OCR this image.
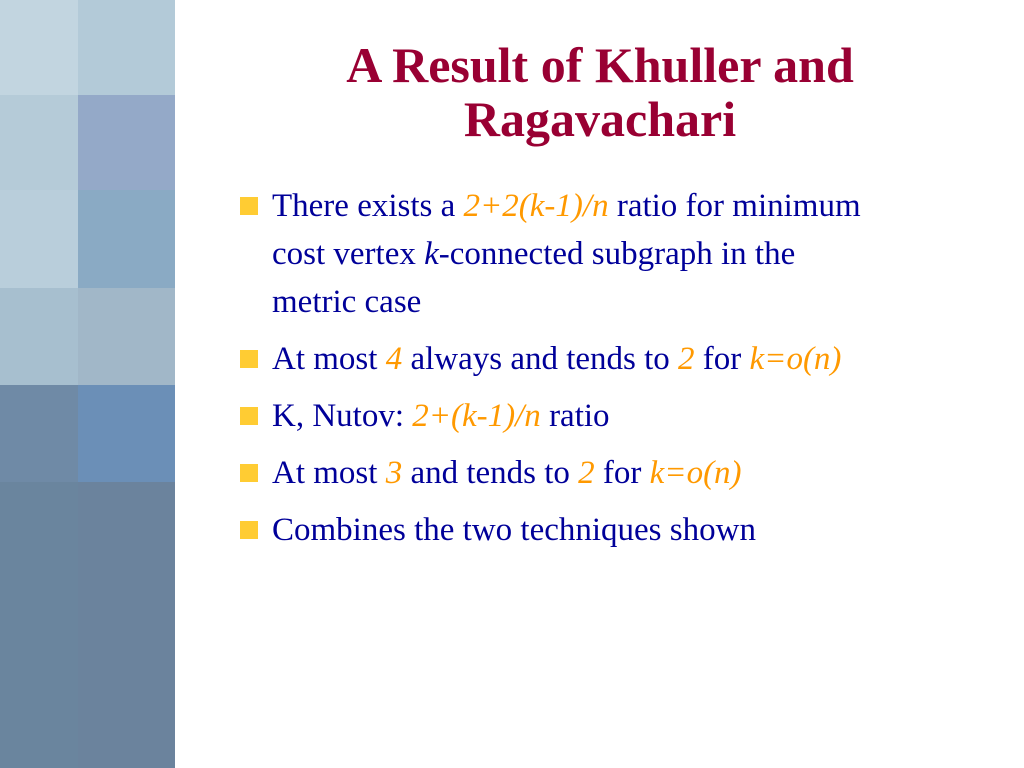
A Result of Khuller and
Ragavachari
There exists a 2+2(k-1)/n ratio for minimum cost vertex k-connected subgraph in the metric case
At most 4 always and tends to 2 for k=o(n)
K, Nutov: 2+(k-1)/n ratio
At most 3 and tends to 2 for k=o(n)
Combines the two techniques shown
